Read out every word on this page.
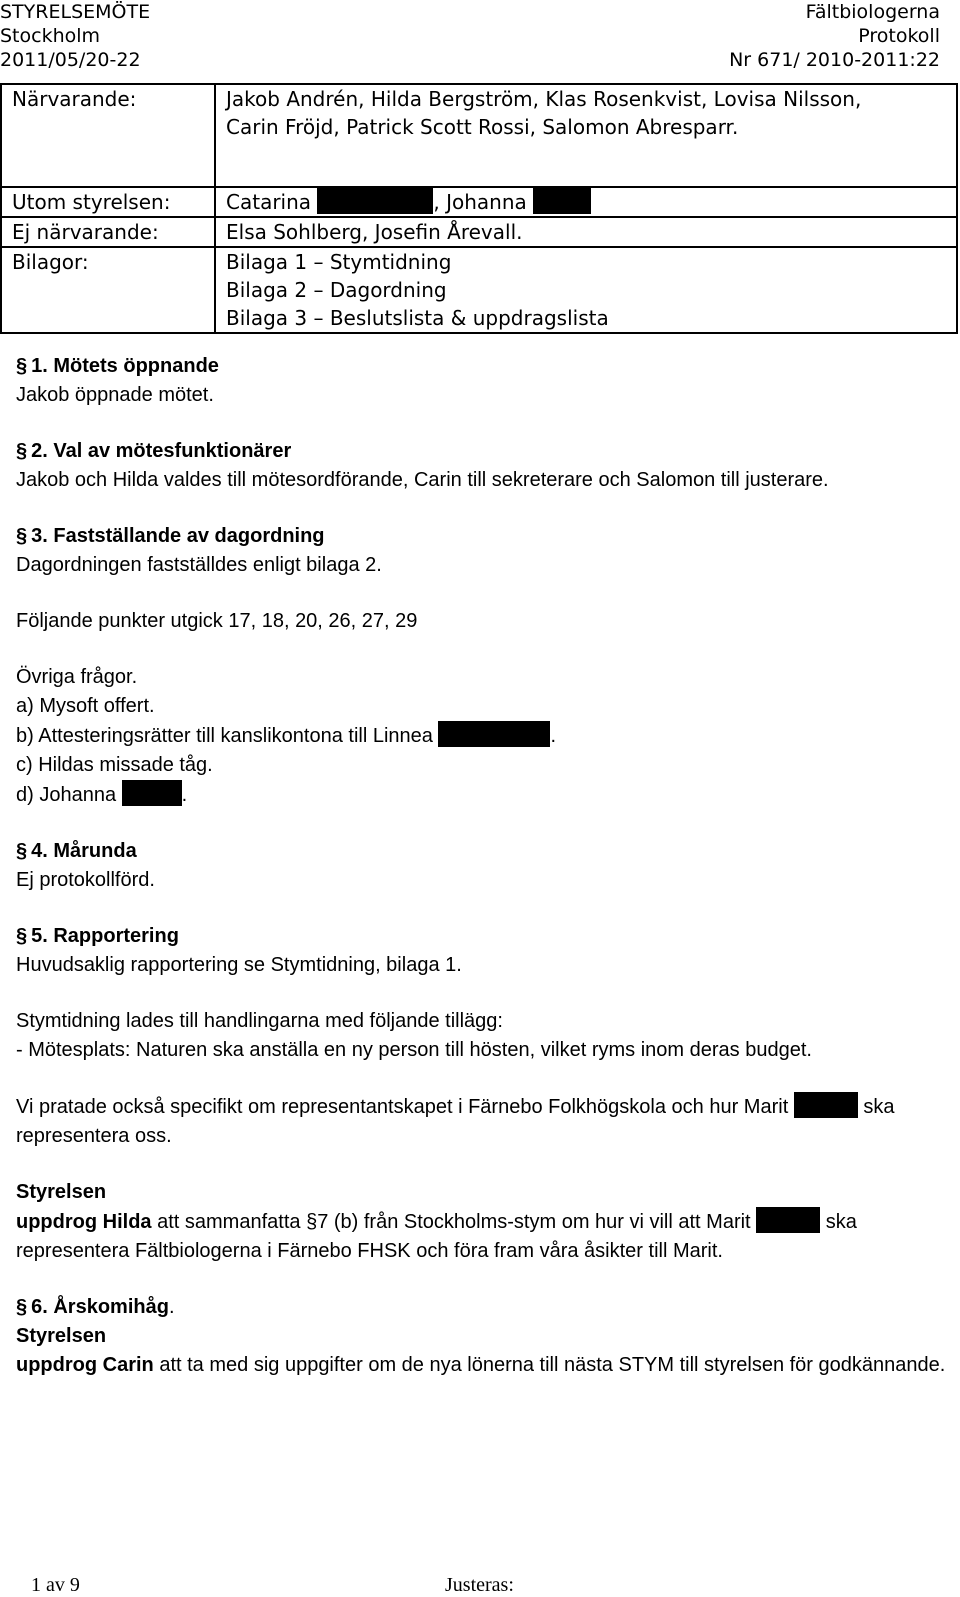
STYRELSEMÖTE
Stockholm
2011/05/20-22
Fältbiologerna
Protokoll
Nr 671/ 2010-2011:22
Närvarande:	Jakob Andrén, Hilda Bergström, Klas Rosenkvist, Lovisa Nilsson,
Carin Fröjd, Patrick Scott Rossi, Salomon Abresparr.

Utom styrelsen:	Catarina , Johanna
Ej närvarande:	Elsa Sohlberg, Josefin Årevall.
Bilagor:	Bilaga 1 – Stymtidning
Bilaga 2 – Dagordning
Bilaga 3 – Beslutslista & uppdragslista

§ 1. Mötets öppnande

Jakob öppnade mötet.

§ 2. Val av mötesfunktionärer

Jakob och Hilda valdes till mötesordförande, Carin till sekreterare och Salomon till justerare.

§ 3. Fastställande av dagordning

Dagordningen fastställdes enligt bilaga 2.

Följande punkter utgick 17, 18, 20, 26, 27, 29

Övriga frågor.

a) Mysoft offert.

b) Attesteringsrätter till kanslikontona till Linnea	.

c) Hildas missade tåg.

d) Johanna	.

§ 4. Mårunda

Ej protokollförd.

§ 5. Rapportering

Huvudsaklig rapportering se Stymtidning, bilaga 1.

Stymtidning lades till handlingarna med följande tillägg:

- Mötesplats: Naturen ska anställa en ny person till hösten, vilket ryms inom deras budget.

Vi pratade också specifikt om representantskapet i Färnebo Folkhögskola och hur Marit	ska representera oss.

Styrelsen

uppdrog Hilda att sammanfatta §7 (b) från Stockholms-stym om hur vi vill att Marit	ska representera Fältbiologerna i Färnebo FHSK och föra fram våra åsikter till Marit.

§ 6. Årskomihåg.

Styrelsen

uppdrog Carin att ta med sig uppgifter om de nya lönerna till nästa STYM till styrelsen för godkännande.

1 av 9	Justeras:
